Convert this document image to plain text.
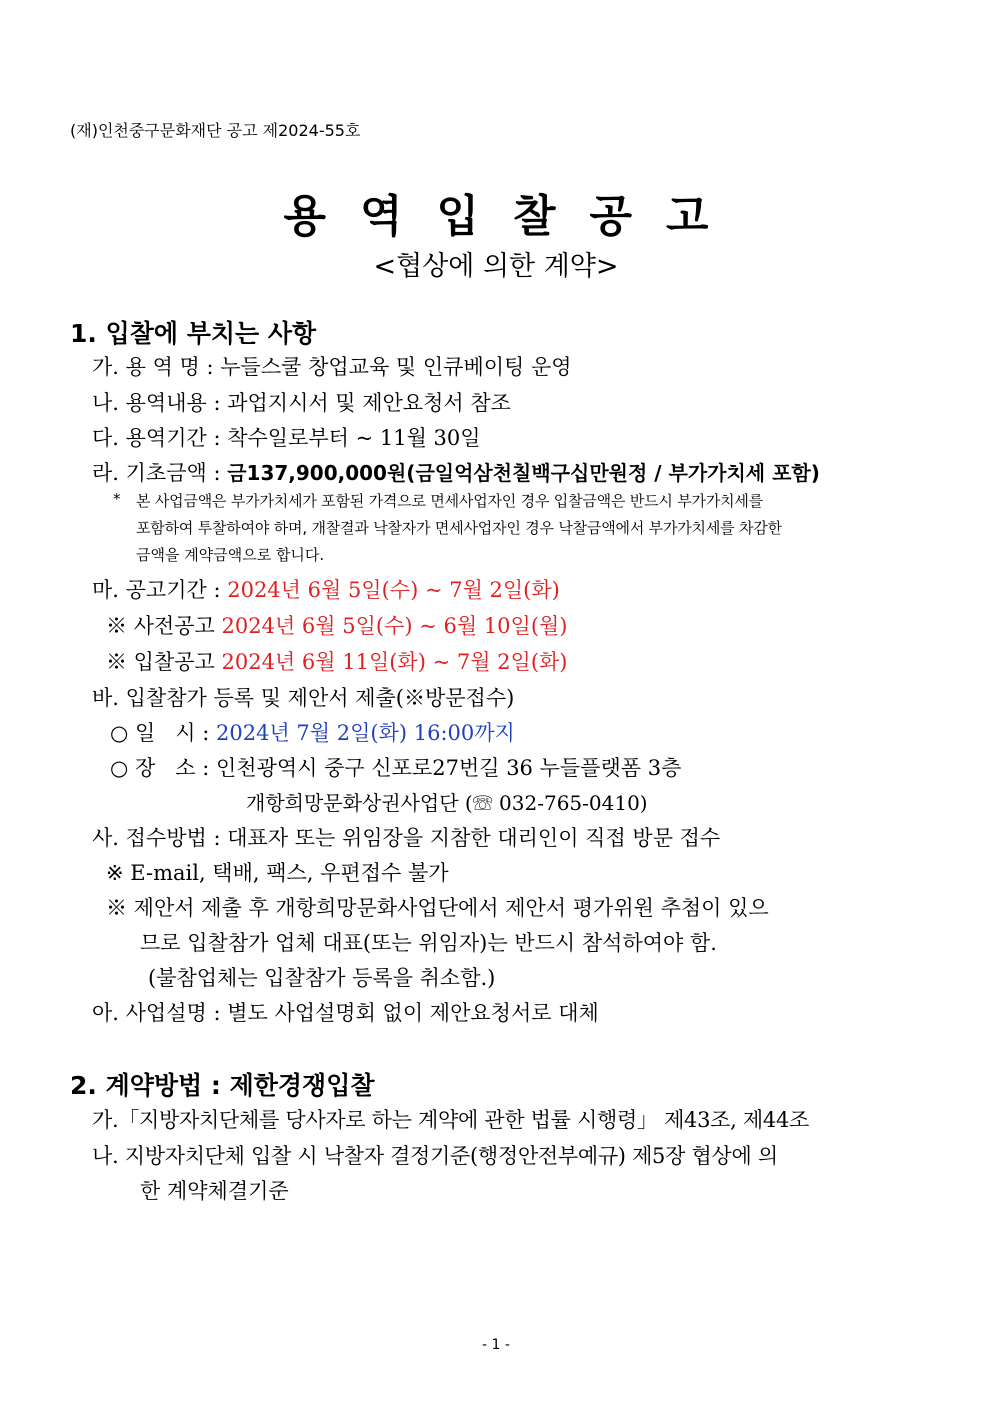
(재)인천중구문화재단 공고 제2024-55호
용역입찰공고
<협상에 의한 계약>
1. 입찰에 부치는 사항
가. 용 역 명 : 누들스쿨 창업교육 및 인큐베이팅 운영
나. 용역내용 : 과업지시서 및 제안요청서 참조
다. 용역기간 : 착수일로부터 ~ 11월 30일
라. 기초금액 : 금137,900,000원(금일억삼천칠백구십만원정 / 부가가치세 포함)
* 본 사업금액은 부가가치세가 포함된 가격으로 면세사업자인 경우 입찰금액은 반드시 부가가치세를
포함하여 투찰하여야 하며, 개찰결과 낙찰자가 면세사업자인 경우 낙찰금액에서 부가가치세를 차감한
금액을 계약금액으로 합니다.
마. 공고기간 : 2024년 6월 5일(수) ~ 7월 2일(화)
※ 사전공고 2024년 6월 5일(수) ~ 6월 10일(월)
※ 입찰공고 2024년 6월 11일(화) ~ 7월 2일(화)
바. 입찰참가 등록 및 제안서 제출(※방문접수)
○ 일   시 : 2024년 7월 2일(화) 16:00까지
○ 장   소 : 인천광역시 중구 신포로27번길 36 누들플랫폼 3층
개항희망문화상권사업단 (☏ 032-765-0410)
사. 접수방법 : 대표자 또는 위임장을 지참한 대리인이 직접 방문 접수
※ E-mail, 택배, 팩스, 우편접수 불가
※ 제안서 제출 후 개항희망문화사업단에서 제안서 평가위원 추첨이 있으
므로 입찰참가 업체 대표(또는 위임자)는 반드시 참석하여야 함.
(불참업체는 입찰참가 등록을 취소함.)
아. 사업설명 : 별도 사업설명회 없이 제안요청서로 대체
2. 계약방법 : 제한경쟁입찰
가.「지방자치단체를 당사자로 하는 계약에 관한 법률 시행령」 제43조, 제44조
나. 지방자치단체 입찰 시 낙찰자 결정기준(행정안전부예규) 제5장 협상에 의
한 계약체결기준
- 1 -
